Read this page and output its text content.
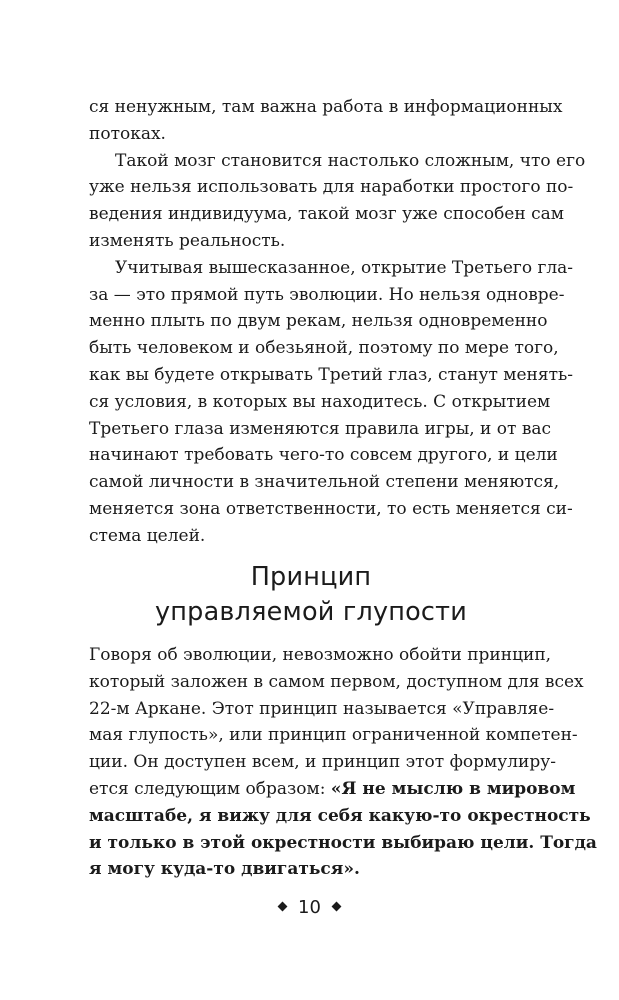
ся ненужным, там важна работа в информационных
потоках.
Такой мозг становится настолько сложным, что его
уже нельзя использовать для наработки простого по-
ведения индивидуума, такой мозг уже способен сам
изменять реальность.
Учитывая вышесказанное, открытие Третьего гла-
за — это прямой путь эволюции. Но нельзя одновре-
менно плыть по двум рекам, нельзя одновременно
быть человеком и обезьяной, поэтому по мере того,
как вы будете открывать Третий глаз, станут менять-
ся условия, в которых вы находитесь. С открытием
Третьего глаза изменяются правила игры, и от вас
начинают требовать чего-то совсем другого, и цели
самой личности в значительной степени меняются,
меняется зона ответственности, то есть меняется си-
стема целей.
Принцип
управляемой глупости
Говоря об эволюции, невозможно обойти принцип,
который заложен в самом первом, доступном для всех
22-м Аркане. Этот принцип называется «Управляе-
мая глупость», или принцип ограниченной компетен-
ции. Он доступен всем, и принцип этот формулиру-
ется следующим образом: «Я не мыслю в мировом
масштабе, я вижу для себя какую-то окрестность
и только в этой окрестности выбираю цели. Тогда
я могу куда-то двигаться».
10
